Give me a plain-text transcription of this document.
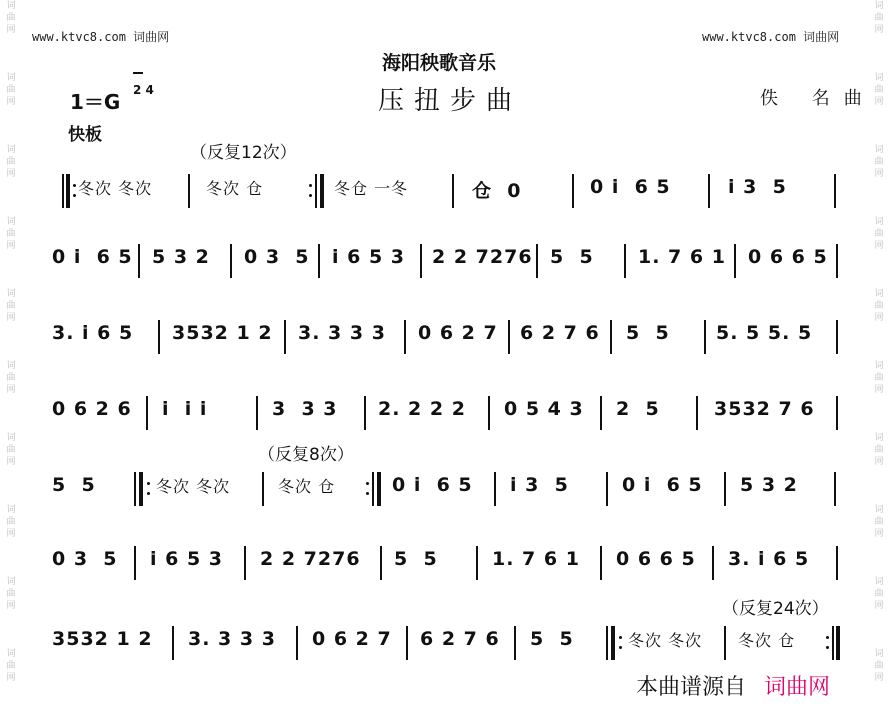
词
曲
网

词
曲
网

词
曲
网

词
曲
网

词
曲
网

词
曲
网

词
曲
网

词
曲
网

词
曲
网

词
曲
网
词
曲
网

词
曲
网

词
曲
网

词
曲
网

词
曲
网

词
曲
网

词
曲
网

词
曲
网

词
曲
网

词
曲
网
www.ktvc8.com 词曲网	www.ktvc8.com 词曲网
海阳秧歌音乐
压扭步曲
1＝G 2 4	佚 名曲
快板
（反复12次）
（反复8次）
（反复24次）
冬次 冬次	冬次 仓	冬仓 一冬	仓  0	0 i  6 5	i 3  5
0 i  6 5 5 3 2 0 3  5 i 6 5 3 2 2 7276 5  5 1. 7 6 1 0 6 6 5
3. i 6 5 3532 1 2 3. 3 3 3 0 6 2 7 6 2 7 6 5  5 5. 5 5. 5
0 6 2 6 i  i i	3  3 3 2. 2 2 2 0 5 4 3 2  5	3532 7 6
5  5	冬次 冬次	冬次 仓	0 i  6 5 i 3  5	0 i  6 5 5 3 2
0 3  5 i 6 5 3 2 2 7276 5  5	1. 7 6 1 0 6 6 5 3. i 6 5
3532 1 2 3. 3 3 3 0 6 2 7 6 2 7 6 5  5	冬次 冬次 冬次 仓
本曲谱源自 词曲网
